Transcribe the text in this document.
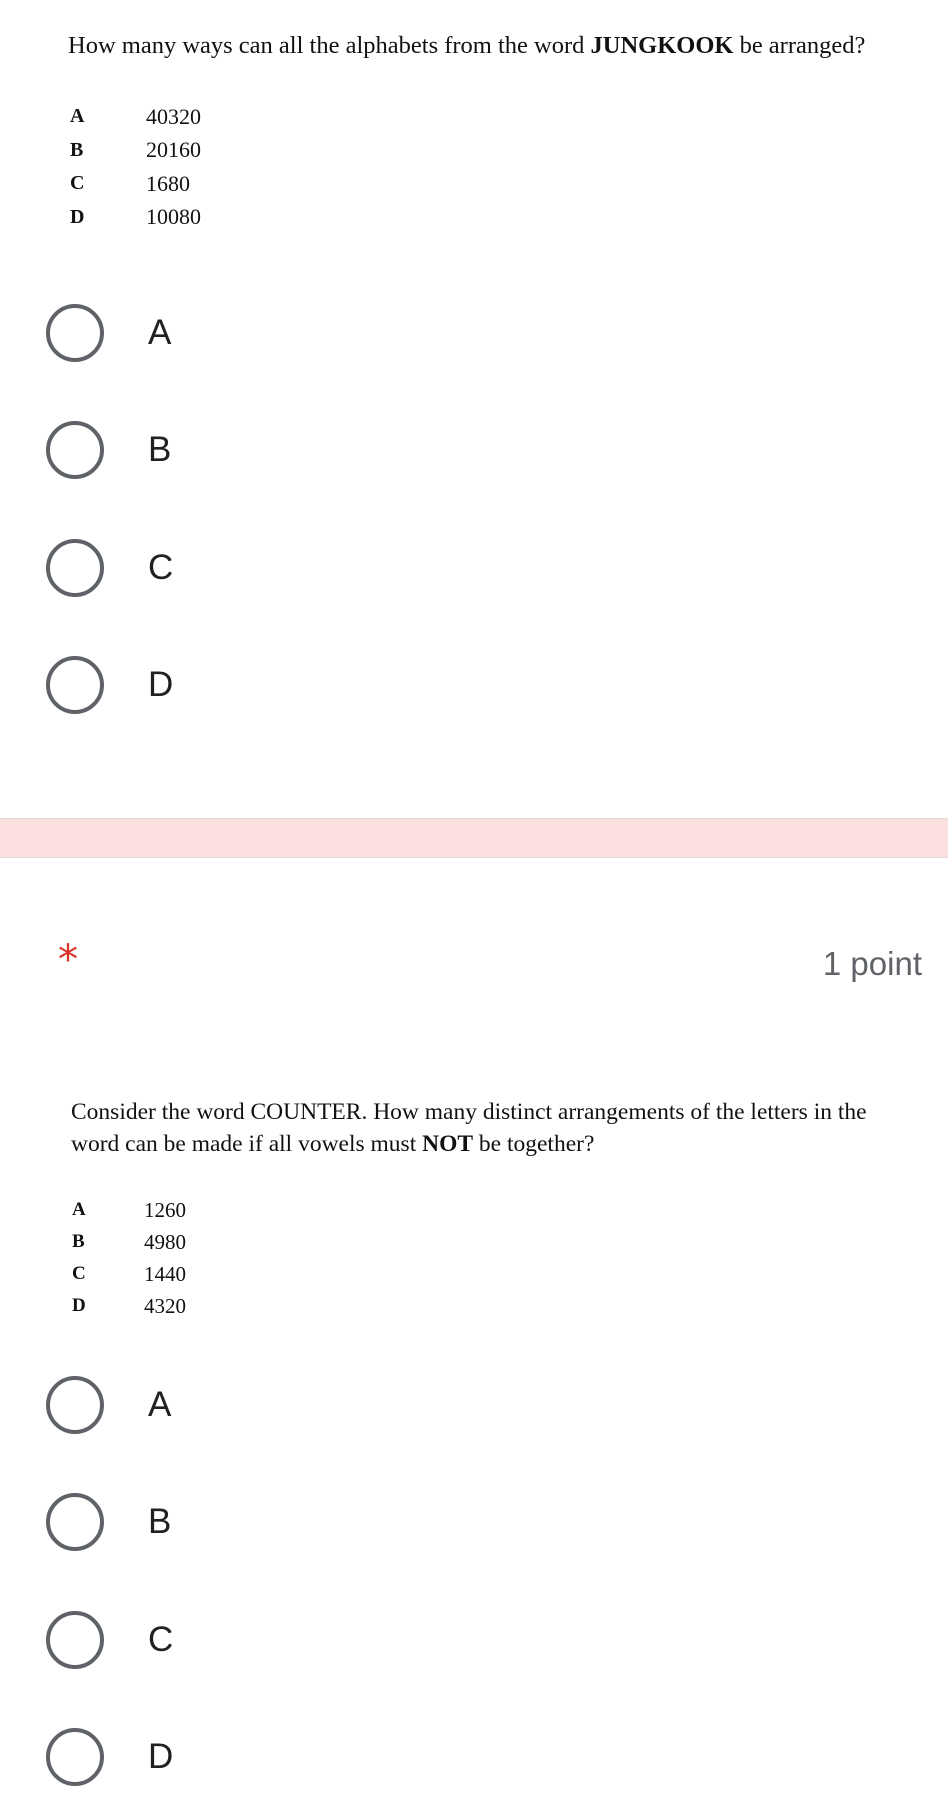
How many ways can all the alphabets from the word JUNGKOOK be arranged?
A	40320
B	20160
C	1680
D	10080
A
B
C
D
*	1 point
Consider the word COUNTER. How many distinct arrangements of the letters in the word can be made if all vowels must NOT be together?
A	1260
B	4980
C	1440
D	4320
A
B
C
D
